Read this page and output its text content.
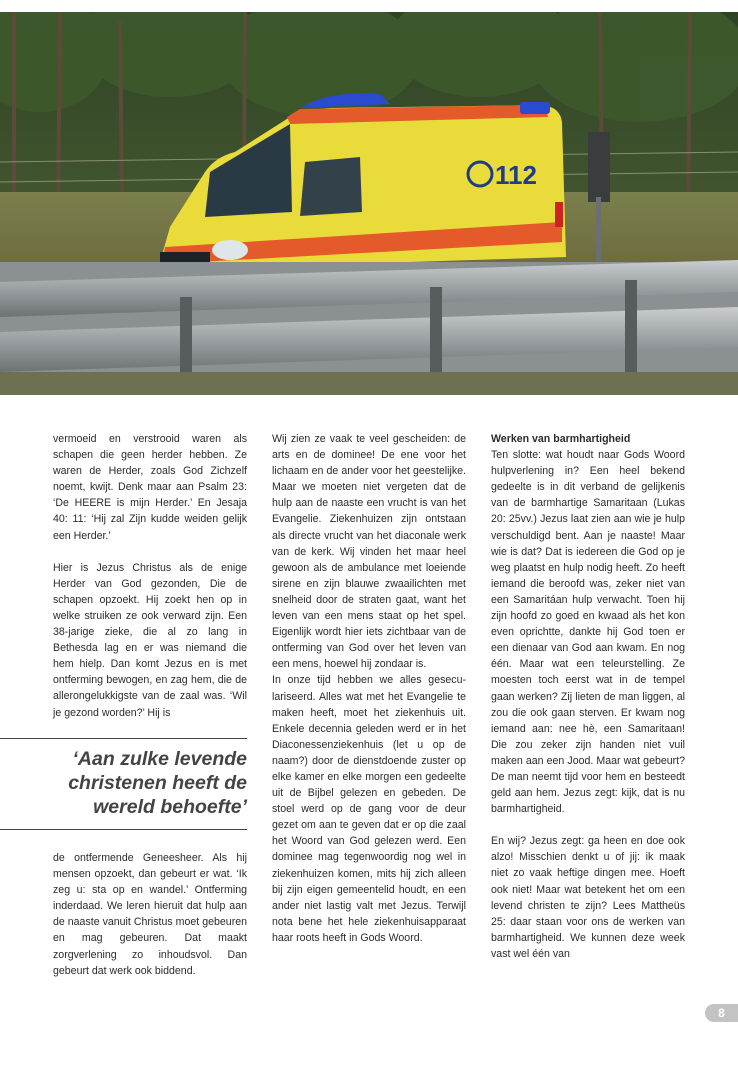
112

vermoeid en verstrooid waren als schapen die geen herder hebben. Ze waren de Herder, zoals God Zichzelf noemt, kwijt. Denk maar aan Psalm 23: ‘De HEERE is mijn Herder.’ En Jesaja 40: 11: ‘Hij zal Zijn kudde weiden gelijk een Herder.’

Hier is Jezus Christus als de enige Herder van God gezonden, Die de schapen opzoekt. Hij zoekt hen op in welke struiken ze ook verward zijn. Een 38-jarige zieke, die al zo lang in Bethesda lag en er was niemand die hem hielp. Dan komt Jezus en is met ontferming bewogen, en zag hem, die de allerongelukkigste van de zaal was. ‘Wil je gezond worden?’ Hij is

‘Aan zulke levende
christenen heeft de
wereld behoefte’

de ontfermende Geneesheer. Als hij mensen opzoekt, dan gebeurt er wat. ‘Ik zeg u: sta op en wandel.’ Ontferming inderdaad. We leren hieruit dat hulp aan de naaste vanuit Christus moet gebeuren en mag gebeuren. Dat maakt zorgverlening zo inhoudsvol. Dan gebeurt dat werk ook biddend.

Wij zien ze vaak te veel gescheiden: de arts en de dominee! De ene voor het lichaam en de ander voor het geestelijke. Maar we moeten niet vergeten dat de hulp aan de naaste een vrucht is van het Evangelie. Ziekenhuizen zijn ontstaan als directe vrucht van het diaconale werk van de kerk. Wij vinden het maar heel gewoon als de ambulance met loeiende sirene en zijn blauwe zwaailichten met snelheid door de straten gaat, want het leven van een mens staat op het spel. Eigenlijk wordt hier iets zichtbaar van de ontferming van God over het leven van een mens, hoewel hij zondaar is.

In onze tijd hebben we alles geseculariseerd. Alles wat met het Evangelie te maken heeft, moet het ziekenhuis uit. Enkele decennia geleden werd er in het Diaconessenziekenhuis (let u op de naam?) door de dienstdoende zuster op elke kamer en elke morgen een gedeelte uit de Bijbel gelezen en gebeden. De stoel werd op de gang voor de deur gezet om aan te geven dat er op die zaal het Woord van God gelezen werd. Een dominee mag tegenwoordig nog wel in ziekenhuizen komen, mits hij zich alleen bij zijn eigen gemeentelid houdt, en een ander niet lastig valt met Jezus. Terwijl nota bene het hele ziekenhuisapparaat haar roots heeft in Gods Woord.

Werken van barmhartigheid

Ten slotte: wat houdt naar Gods Woord hulpverlening in? Een heel bekend gedeelte is in dit verband de gelijkenis van de barmhartige Samaritaan (Lukas 20: 25vv.) Jezus laat zien aan wie je hulp verschuldigd bent. Aan je naaste! Maar wie is dat? Dat is iedereen die God op je weg plaatst en hulp nodig heeft. Zo heeft iemand die beroofd was, zeker niet van een Samaritáan hulp verwacht. Toen hij zijn hoofd zo goed en kwaad als het kon even oprichtte, dankte hij God toen er een dienaar van God aan kwam. En nog één. Maar wat een teleurstelling. Ze moesten toch eerst wat in de tempel gaan werken? Zij lieten de man liggen, al zou die ook gaan sterven. Er kwam nog iemand aan: nee hè, een Samaritaan! Die zou zeker zijn handen niet vuil maken aan een Jood. Maar wat gebeurt? De man neemt tijd voor hem en besteedt geld aan hem. Jezus zegt: kijk, dat is nu barmhartigheid.

En wij? Jezus zegt: ga heen en doe ook alzo! Misschien denkt u of jij: ik maak niet zo vaak heftige dingen mee. Hoeft ook niet! Maar wat betekent het om een levend christen te zijn? Lees Mattheüs 25: daar staan voor ons de werken van barmhartigheid. We kunnen deze week vast wel één van

8
